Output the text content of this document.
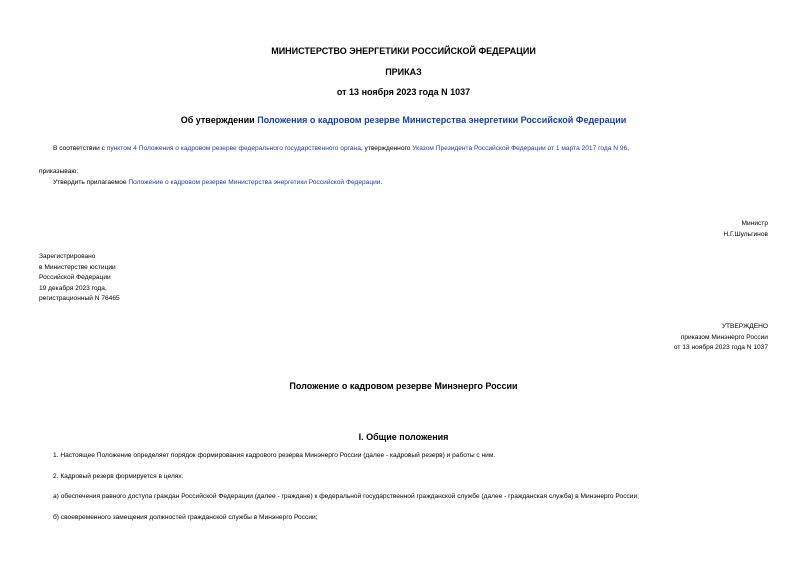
МИНИСТЕРСТВО ЭНЕРГЕТИКИ РОССИЙСКОЙ ФЕДЕРАЦИИ
ПРИКАЗ
от 13 ноября 2023 года N 1037
Об утверждении Положения о кадровом резерве Министерства энергетики Российской Федерации
В соответствии с пунктом 4 Положения о кадровом резерве федерального государственного органа, утвержденного Указом Президента Российской Федерации от 1 марта 2017 года N 96,
приказываю:
Утвердить прилагаемое Положение о кадровом резерве Министерства энергетики Российской Федерации.
Министр
Н.Г.Шульгинов
Зарегистрировано
в Министерстве юстиции
Российской Федерации
19 декабря 2023 года,
регистрационный N 76465
УТВЕРЖДЕНО
приказом Минэнерго России
от 13 ноября 2023 года N 1037
Положение о кадровом резерве Минэнерго России
I. Общие положения
1. Настоящее Положение определяет порядок формирования кадрового резерва Минэнерго России (далее - кадровый резерв) и работы с ним.
2. Кадровый резерв формируется в целях:
а) обеспечения равного доступа граждан Российской Федерации (далее - граждане) к федеральной государственной гражданской службе (далее - гражданская служба) в Минэнерго России;
б) своевременного замещения должностей гражданской службы в Минэнерго России;
